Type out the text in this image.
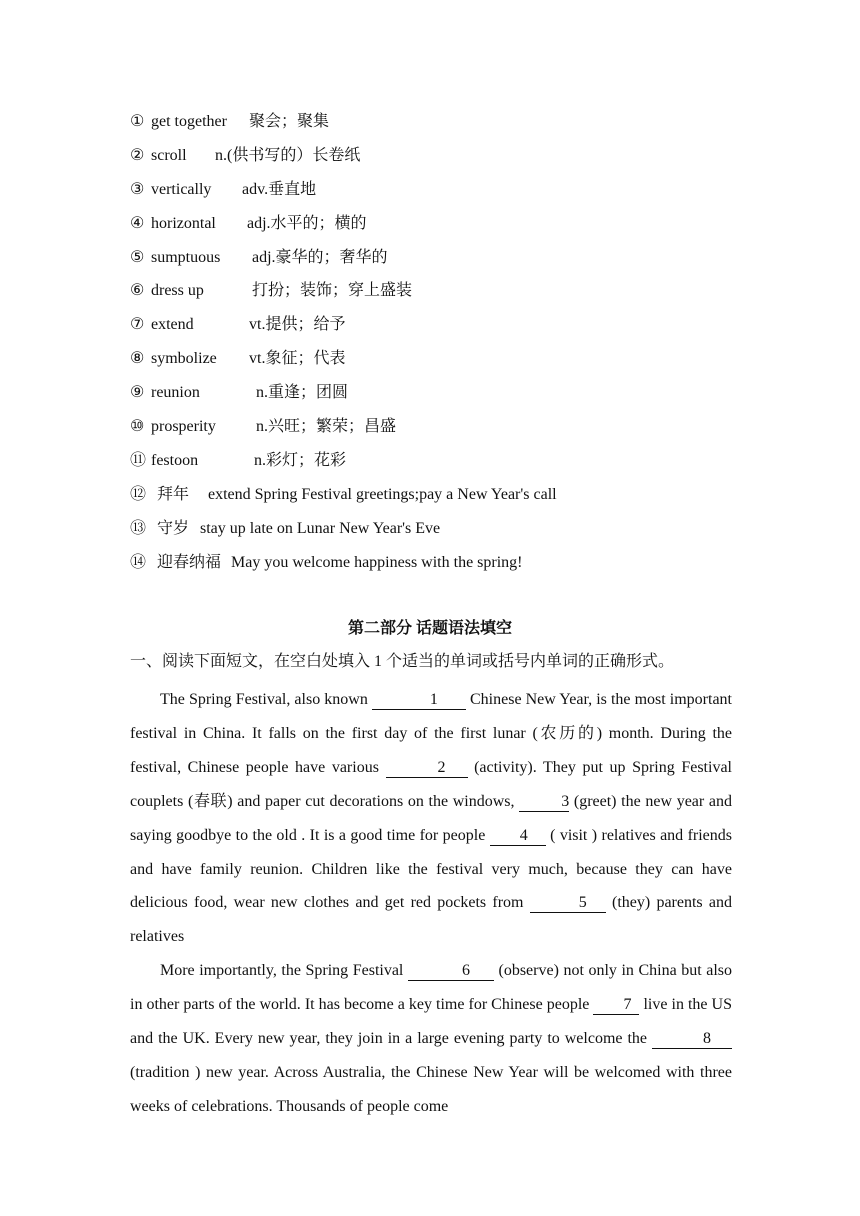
① get together 聚会；聚集
② scroll n.(供书写的）长卷纸
③ vertically adv.垂直地
④ horizontal adj.水平的；横的
⑤ sumptuous adj.豪华的；奢华的
⑥ dress up	打扮；装饰；穿上盛装
⑦ extend	vt.提供；给予
⑧ symbolize vt.象征；代表
⑨ reunion	n.重逢；团圆
⑩ prosperity	n.兴旺；繁荣；昌盛
⑪ festoon	n.彩灯；花彩
⑫ 拜年 extend Spring Festival greetings;pay a New Year's call
⑬ 守岁 stay up late on Lunar New Year's Eve
⑭ 迎春纳福 May you welcome happiness with the spring!
第二部分 话题语法填空
一、阅读下面短文，在空白处填入 1 个适当的单词或括号内单词的正确形式。

The Spring Festival, also known	1 Chinese New Year, is the most important festival in China. It falls on the first day of the first lunar (农历的) month. During the festival, Chinese people have various	2 (activity). They put up Spring Festival couplets (春联) and paper cut decorations on the windows,	3 (greet) the new year and saying goodbye to the old . It is a good time for people 4 ( visit ) relatives and friends and have family reunion. Children like the festival very much, because they can have delicious food, wear new clothes and get red pockets from	5 (they) parents and relatives

More importantly, the Spring Festival	6 (observe) not only in China but also in other parts of the world. It has become a key time for Chinese people 7 live in the US and the UK. Every new year, they join in a large evening party to welcome the	8 (tradition ) new year. Across Australia, the Chinese New Year will be welcomed with three weeks of celebrations. Thousands of people come
